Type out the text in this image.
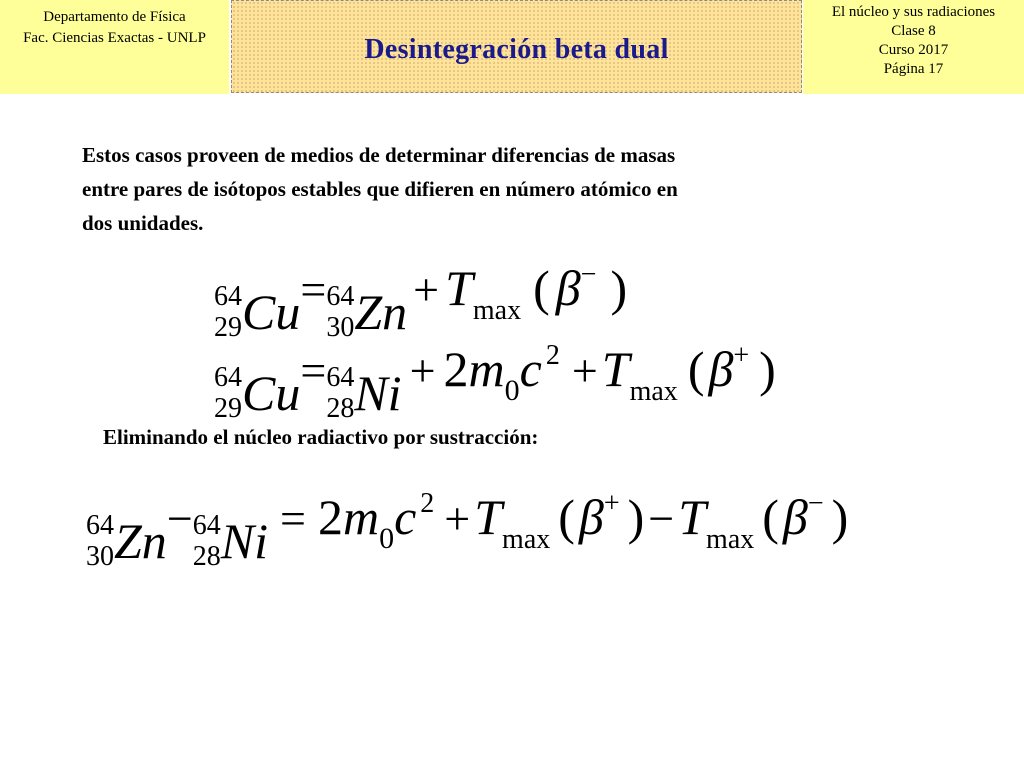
Departamento de Física
Fac. Ciencias Exactas - UNLP	Desintegración beta dual
El núcleo y sus radiaciones
Clase 8
Curso 2017
Página 17
Estos casos proveen de medios de determinar diferencias de masas
entre pares de isótopos estables que difieren en número atómico en
dos unidades.
64
29 Cu = 64
30 Zn + Tmax ( β− )
64
29 Cu = 64
28 Ni + 2m0c 2 +Tmax (β+ )
Eliminando el núcleo radiactivo por sustracción:
64
30 Zn − 64
28 Ni = 2m0c 2 +Tmax (β+ )−Tmax (β− )
